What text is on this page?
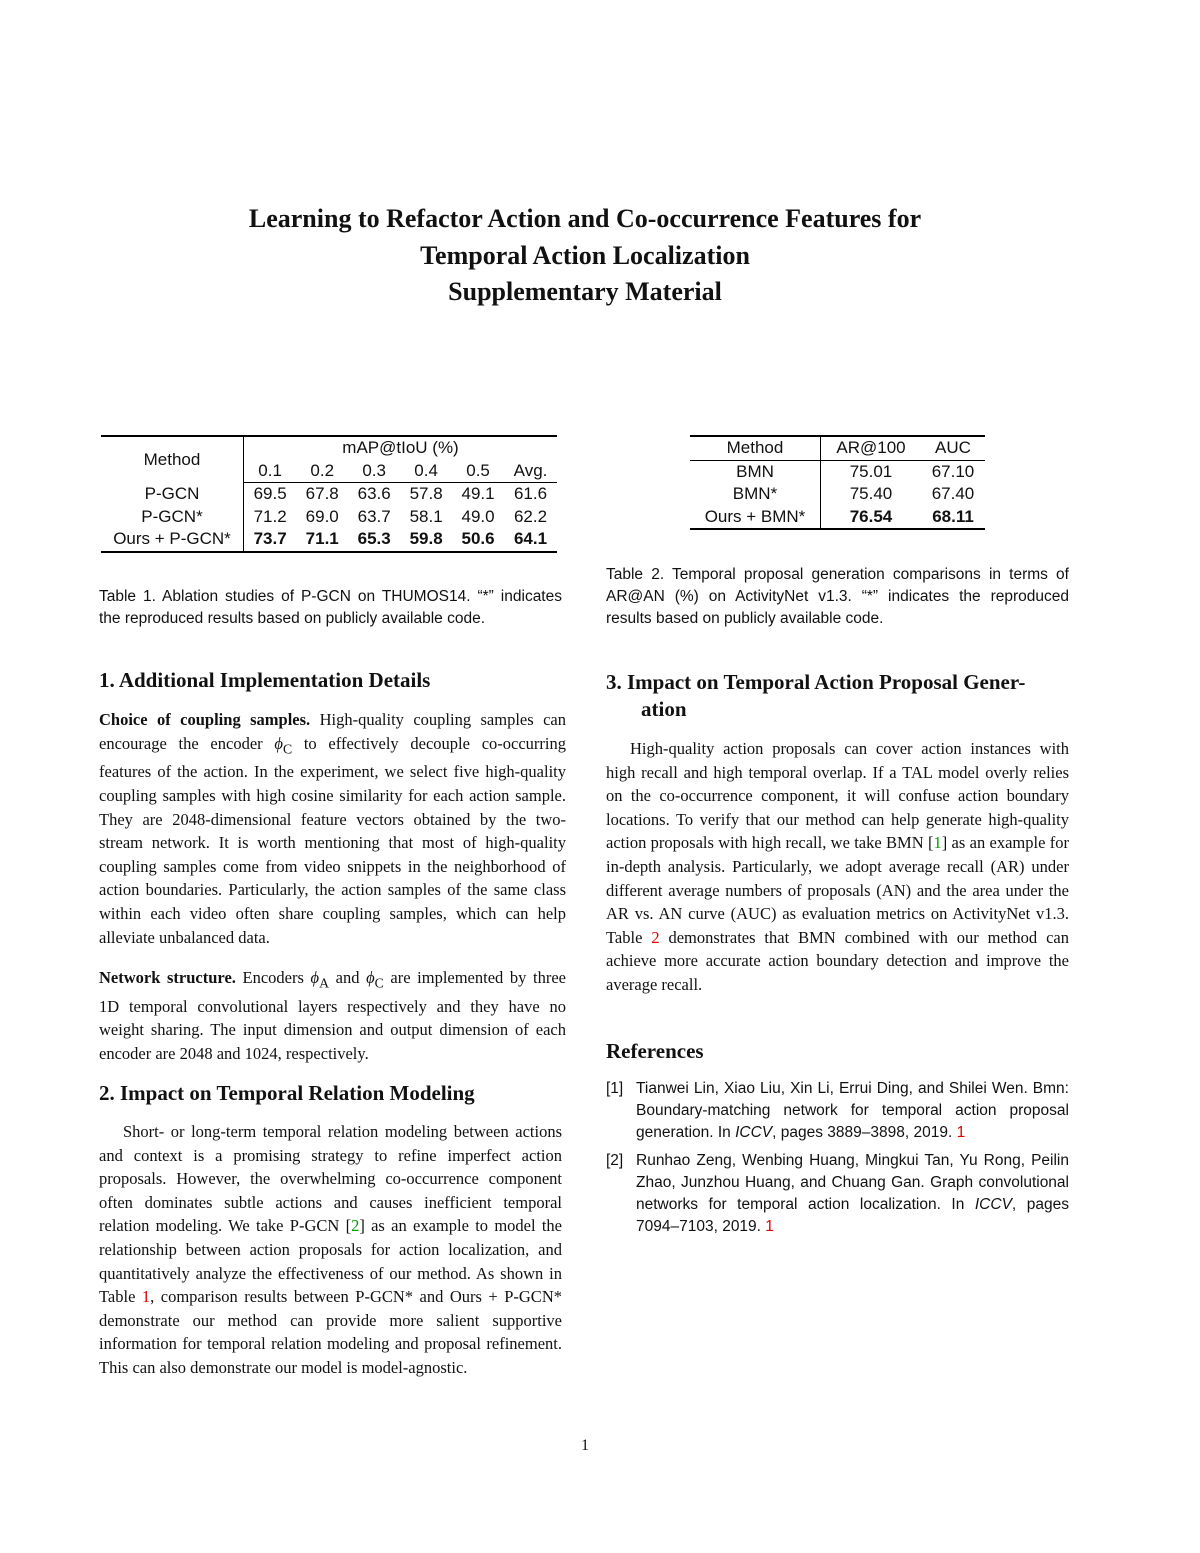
Learning to Refactor Action and Co-occurrence Features for
Temporal Action Localization
Supplementary Material
Method	mAP@tIoU (%)					
	0.1	0.2	0.3	0.4	0.5	Avg.
P-GCN	69.5	67.8	63.6	57.8	49.1	61.6
P-GCN*	71.2	69.0	63.7	58.1	49.0	62.2
Ours + P-GCN*	73.7	71.1	65.3	59.8	50.6	64.1
Table 1. Ablation studies of P-GCN on THUMOS14. “*” indicates the reproduced results based on publicly available code.
Method	AR@100	AUC
BMN	75.01	67.10
BMN*	75.40	67.40
Ours + BMN*	76.54	68.11
Table 2. Temporal proposal generation comparisons in terms of AR@AN (%) on ActivityNet v1.3. “*” indicates the reproduced results based on publicly available code.
1. Additional Implementation Details

Choice of coupling samples. High-quality coupling samples can encourage the encoder $\phi_C$ to effectively decouple co-occurring features of the action. In the experiment, we select five high-quality coupling samples with high cosine similarity for each action sample. They are 2048-dimensional feature vectors obtained by the two-stream network. It is worth mentioning that most of high-quality coupling samples come from video snippets in the neighborhood of action boundaries. Particularly, the action samples of the same class within each video often share coupling samples, which can help alleviate unbalanced data.

Network structure. Encoders $\phi_A$ and $\phi_C$ are implemented by three 1D temporal convolutional layers respectively and they have no weight sharing. The input dimension and output dimension of each encoder are 2048 and 1024, respectively.

2. Impact on Temporal Relation Modeling

Short- or long-term temporal relation modeling between actions and context is a promising strategy to refine imperfect action proposals. However, the overwhelming co-occurrence component often dominates subtle actions and causes inefficient temporal relation modeling. We take P-GCN [2] as an example to model the relationship between action proposals for action localization, and quantitatively analyze the effectiveness of our method. As shown in Table 1, comparison results between P-GCN* and Ours + P-GCN* demonstrate our method can provide more salient supportive information for temporal relation modeling and proposal refinement. This can also demonstrate our model is model-agnostic.

3. Impact on Temporal Action Proposal Gener-
ation

High-quality action proposals can cover action instances with high recall and high temporal overlap. If a TAL model overly relies on the co-occurrence component, it will confuse action boundary locations. To verify that our method can help generate high-quality action proposals with high recall, we take BMN [1] as an example for in-depth analysis. Particularly, we adopt average recall (AR) under different average numbers of proposals (AN) and the area under the AR vs. AN curve (AUC) as evaluation metrics on ActivityNet v1.3. Table 2 demonstrates that BMN combined with our method can achieve more accurate action boundary detection and improve the average recall.

References
[1] Tianwei Lin, Xiao Liu, Xin Li, Errui Ding, and Shilei Wen. Bmn: Boundary-matching network for temporal action proposal generation. In ICCV, pages 3889–3898, 2019. 1
[2] Runhao Zeng, Wenbing Huang, Mingkui Tan, Yu Rong, Peilin Zhao, Junzhou Huang, and Chuang Gan. Graph convolutional networks for temporal action localization. In ICCV, pages 7094–7103, 2019. 1
1
